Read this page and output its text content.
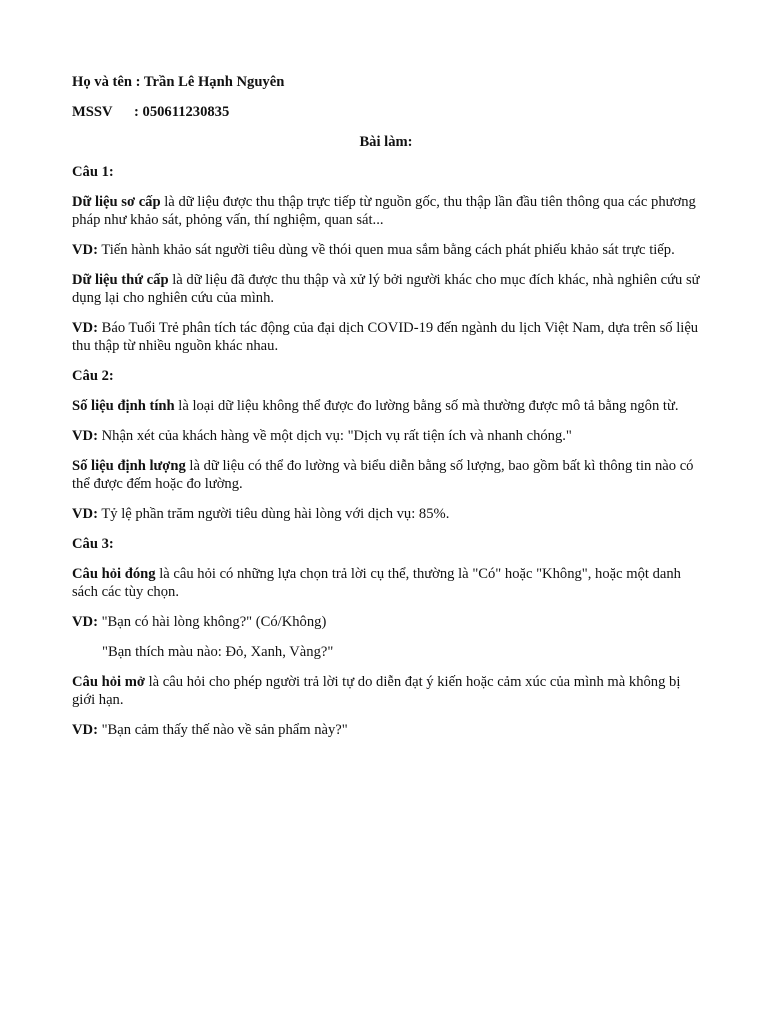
Họ và tên : Trần Lê Hạnh Nguyên

MSSV : 050611230835

Bài làm:

Câu 1:

Dữ liệu sơ cấp là dữ liệu được thu thập trực tiếp từ nguồn gốc, thu thập lần đầu tiên thông qua các phương pháp như khảo sát, phỏng vấn, thí nghiệm, quan sát...

VD: Tiến hành khảo sát người tiêu dùng về thói quen mua sắm bằng cách phát phiếu khảo sát trực tiếp.

Dữ liệu thứ cấp là dữ liệu đã được thu thập và xử lý bởi người khác cho mục đích khác, nhà nghiên cứu sử dụng lại cho nghiên cứu của mình.

VD: Báo Tuổi Trẻ phân tích tác động của đại dịch COVID-19 đến ngành du lịch Việt Nam, dựa trên số liệu thu thập từ nhiều nguồn khác nhau.

Câu 2:

Số liệu định tính là loại dữ liệu không thể được đo lường bằng số mà thường được mô tả bằng ngôn từ.

VD: Nhận xét của khách hàng về một dịch vụ: "Dịch vụ rất tiện ích và nhanh chóng."

Số liệu định lượng là dữ liệu có thể đo lường và biểu diễn bằng số lượng, bao gồm bất kì thông tin nào có thể được đếm hoặc đo lường.

VD: Tỷ lệ phần trăm người tiêu dùng hài lòng với dịch vụ: 85%.

Câu 3:

Câu hỏi đóng là câu hỏi có những lựa chọn trả lời cụ thể, thường là "Có" hoặc "Không", hoặc một danh sách các tùy chọn.

VD: "Bạn có hài lòng không?" (Có/Không)

"Bạn thích màu nào: Đỏ, Xanh, Vàng?"

Câu hỏi mở là câu hỏi cho phép người trả lời tự do diễn đạt ý kiến hoặc cảm xúc của mình mà không bị giới hạn.

VD: "Bạn cảm thấy thế nào về sản phẩm này?"
